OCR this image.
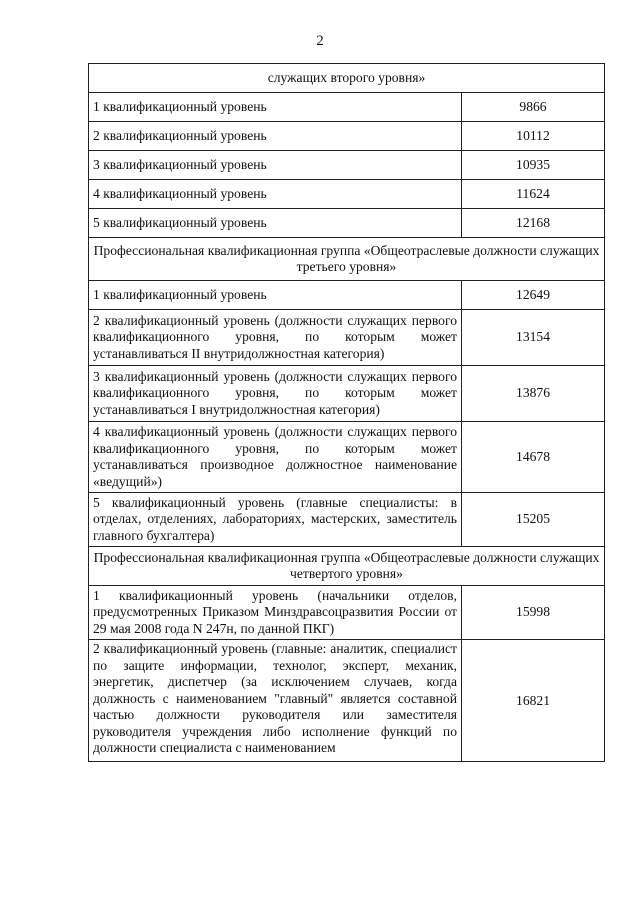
2
служащих второго уровня»	
1 квалификационный уровень	9866
2 квалификационный уровень	10112
3 квалификационный уровень	10935
4 квалификационный уровень	11624
5 квалификационный уровень	12168
Профессиональная квалификационная группа «Общеотраслевые должности служащих третьего уровня»	
1 квалификационный уровень	12649
2 квалификационный уровень (должности служащих первого квалификационного уровня, по которым может устанавливаться II внутридолжностная категория)	13154
3 квалификационный уровень (должности служащих первого квалификационного уровня, по которым может устанавливаться I внутридолжностная категория)	13876
4 квалификационный уровень (должности служащих первого квалификационного уровня, по которым может устанавливаться производное должностное наименование «ведущий»)	14678
5 квалификационный уровень (главные специалисты: в отделах, отделениях, лабораториях, мастерских, заместитель главного бухгалтера)	15205
Профессиональная квалификационная группа «Общеотраслевые должности служащих четвертого уровня»	
1 квалификационный уровень (начальники отделов, предусмотренных Приказом Минздравсоцразвития России от 29 мая 2008 года N 247н, по данной ПКГ)	15998
2 квалификационный уровень (главные: аналитик, специалист по защите информации, технолог, эксперт, механик, энергетик, диспетчер (за исключением случаев, когда должность с наименованием "главный" является составной частью должности руководителя или заместителя руководителя учреждения либо исполнение функций по должности специалиста с наименованием	16821
